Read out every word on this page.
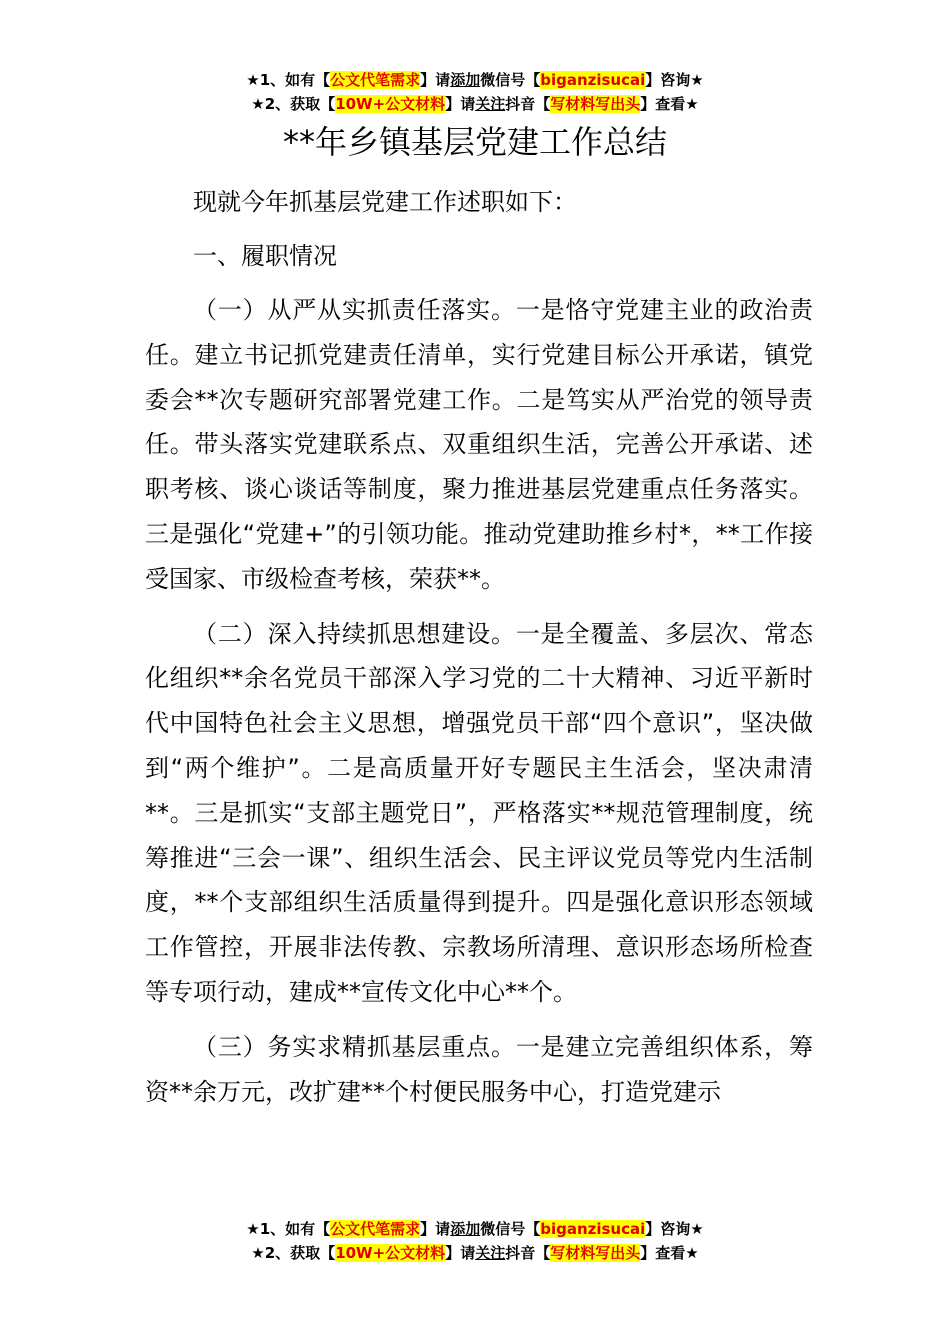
★1、如有【公文代笔需求】请添加微信号【biganzisucai】咨询★
★2、获取【10W+公文材料】请关注抖音【写材料写出头】查看★
**年乡镇基层党建工作总结

现就今年抓基层党建工作述职如下：

一、履职情况

（一）从严从实抓责任落实。一是恪守党建主业的政治责任。建立书记抓党建责任清单，实行党建目标公开承诺，镇党委会**次专题研究部署党建工作。二是笃实从严治党的领导责任。带头落实党建联系点、双重组织生活，完善公开承诺、述职考核、谈心谈话等制度，聚力推进基层党建重点任务落实。三是强化“党建+”的引领功能。推动党建助推乡村*，**工作接受国家、市级检查考核，荣获**。

（二）深入持续抓思想建设。一是全覆盖、多层次、常态化组织**余名党员干部深入学习党的二十大精神、习近平新时代中国特色社会主义思想，增强党员干部“四个意识”，坚决做到“两个维护”。二是高质量开好专题民主生活会，坚决肃清**。三是抓实“支部主题党日”，严格落实**规范管理制度，统筹推进“三会一课”、组织生活会、民主评议党员等党内生活制度，**个支部组织生活质量得到提升。四是强化意识形态领域工作管控，开展非法传教、宗教场所清理、意识形态场所检查等专项行动，建成**宣传文化中心**个。

（三）务实求精抓基层重点。一是建立完善组织体系，筹资**余万元，改扩建**个村便民服务中心，打造党建示

★1、如有【公文代笔需求】请添加微信号【biganzisucai】咨询★
★2、获取【10W+公文材料】请关注抖音【写材料写出头】查看★
